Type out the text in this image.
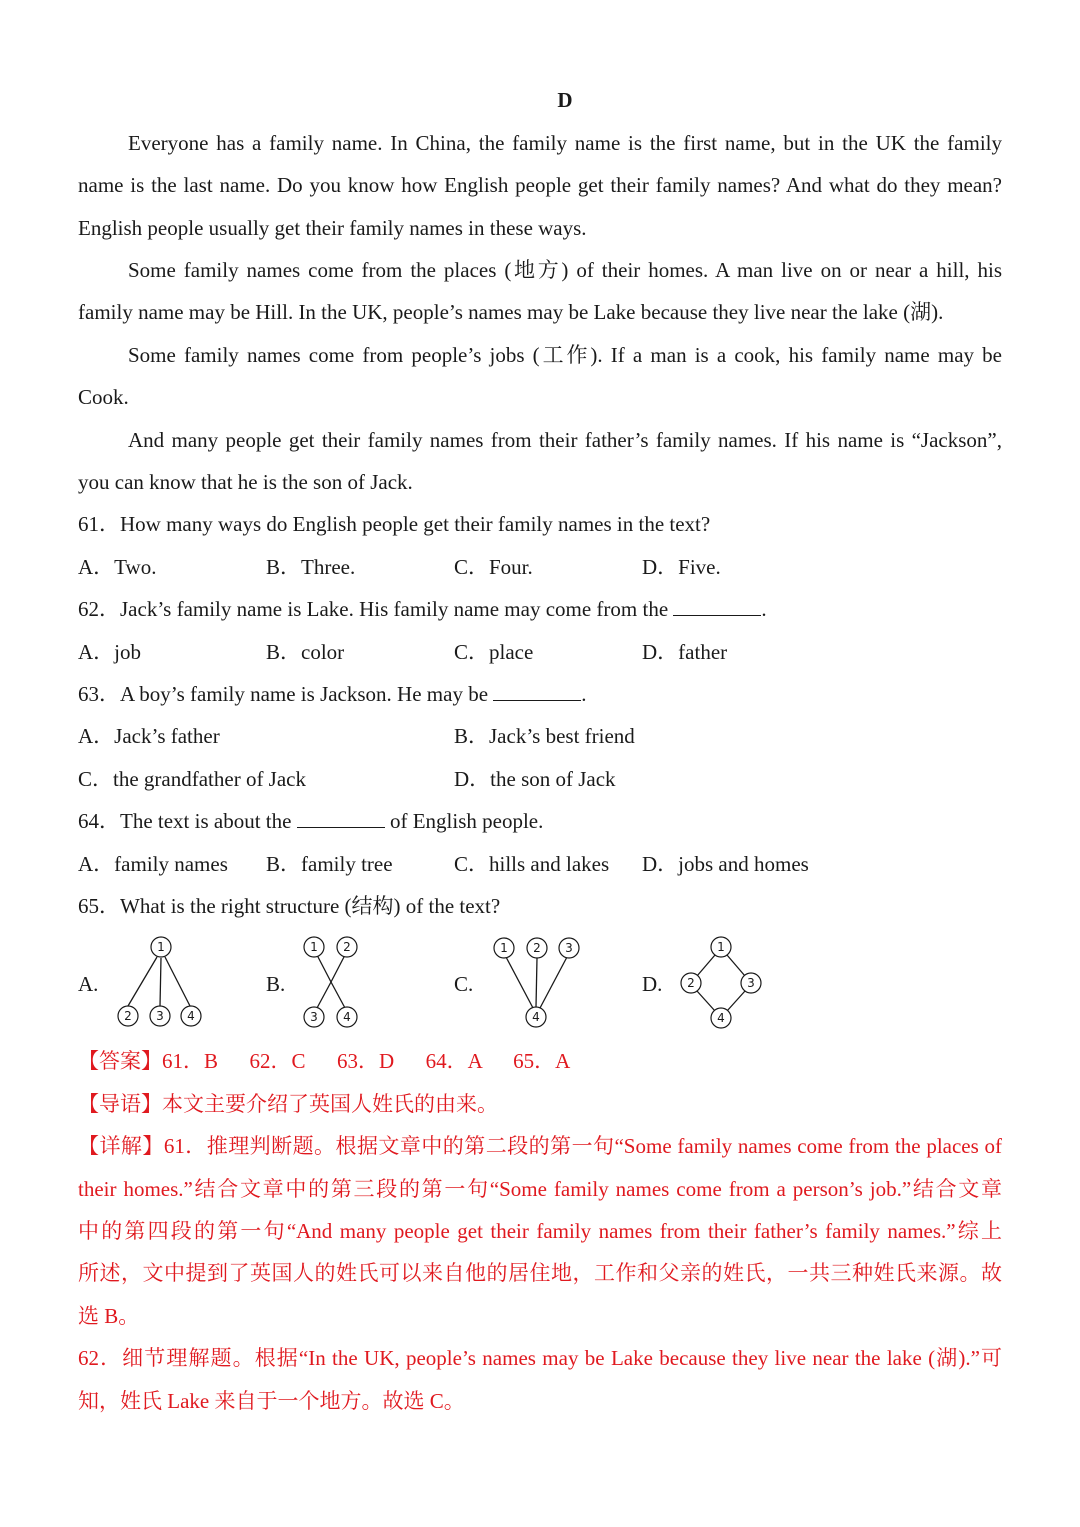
D
Everyone has a family name. In China, the family name is the first name, but in the UK the family
name is the last name. Do you know how English people get their family names? And what do they mean?
English people usually get their family names in these ways.
Some family names come from the places (地方) of their homes. A man live on or near a hill, his
family name may be Hill. In the UK, people’s names may be Lake because they live near the lake (湖).
Some family names come from people’s jobs (工作). If a man is a cook, his family name may be
Cook.
And many people get their family names from their father’s family names. If his name is “Jackson”,
you can know that he is the son of Jack.
61．How many ways do English people get their family names in the text?
A．Two.	B．Three.	C．Four.	D．Five.
62．Jack’s family name is Lake. His family name may come from the	.
A．job	B．color	C．place	D．father
63．A boy’s family name is Jackson. He may be	.
A．Jack’s father	B．Jack’s best friend
C．the grandfather of Jack	D．the son of Jack
64．The text is about the	of English people.
A．family names B．family tree	C．hills and lakes D．jobs and homes
65．What is the right structure (结构) of the text?
A.	B.	C.	D.
1
2 3 4
1 2
3 4
1 2 3
4
1
2	3
4
【答案】61．B      62．C      63．D      64．A      65．A
【导语】本文主要介绍了英国人姓氏的由来。
【详解】61．推理判断题。根据文章中的第二段的第一句“Some family names come from the places of
their homes.”结合文章中的第三段的第一句“Some family names come from a person’s job.”结合文章
中的第四段的第一句“And many people get their family names from their father’s family names.”综上
所述，文中提到了英国人的姓氏可以来自他的居住地，工作和父亲的姓氏，一共三种姓氏来源。故
选 B。
62．细节理解题。根据“In the UK, people’s names may be Lake because they live near the lake (湖).”可
知，姓氏 Lake 来自于一个地方。故选 C。
